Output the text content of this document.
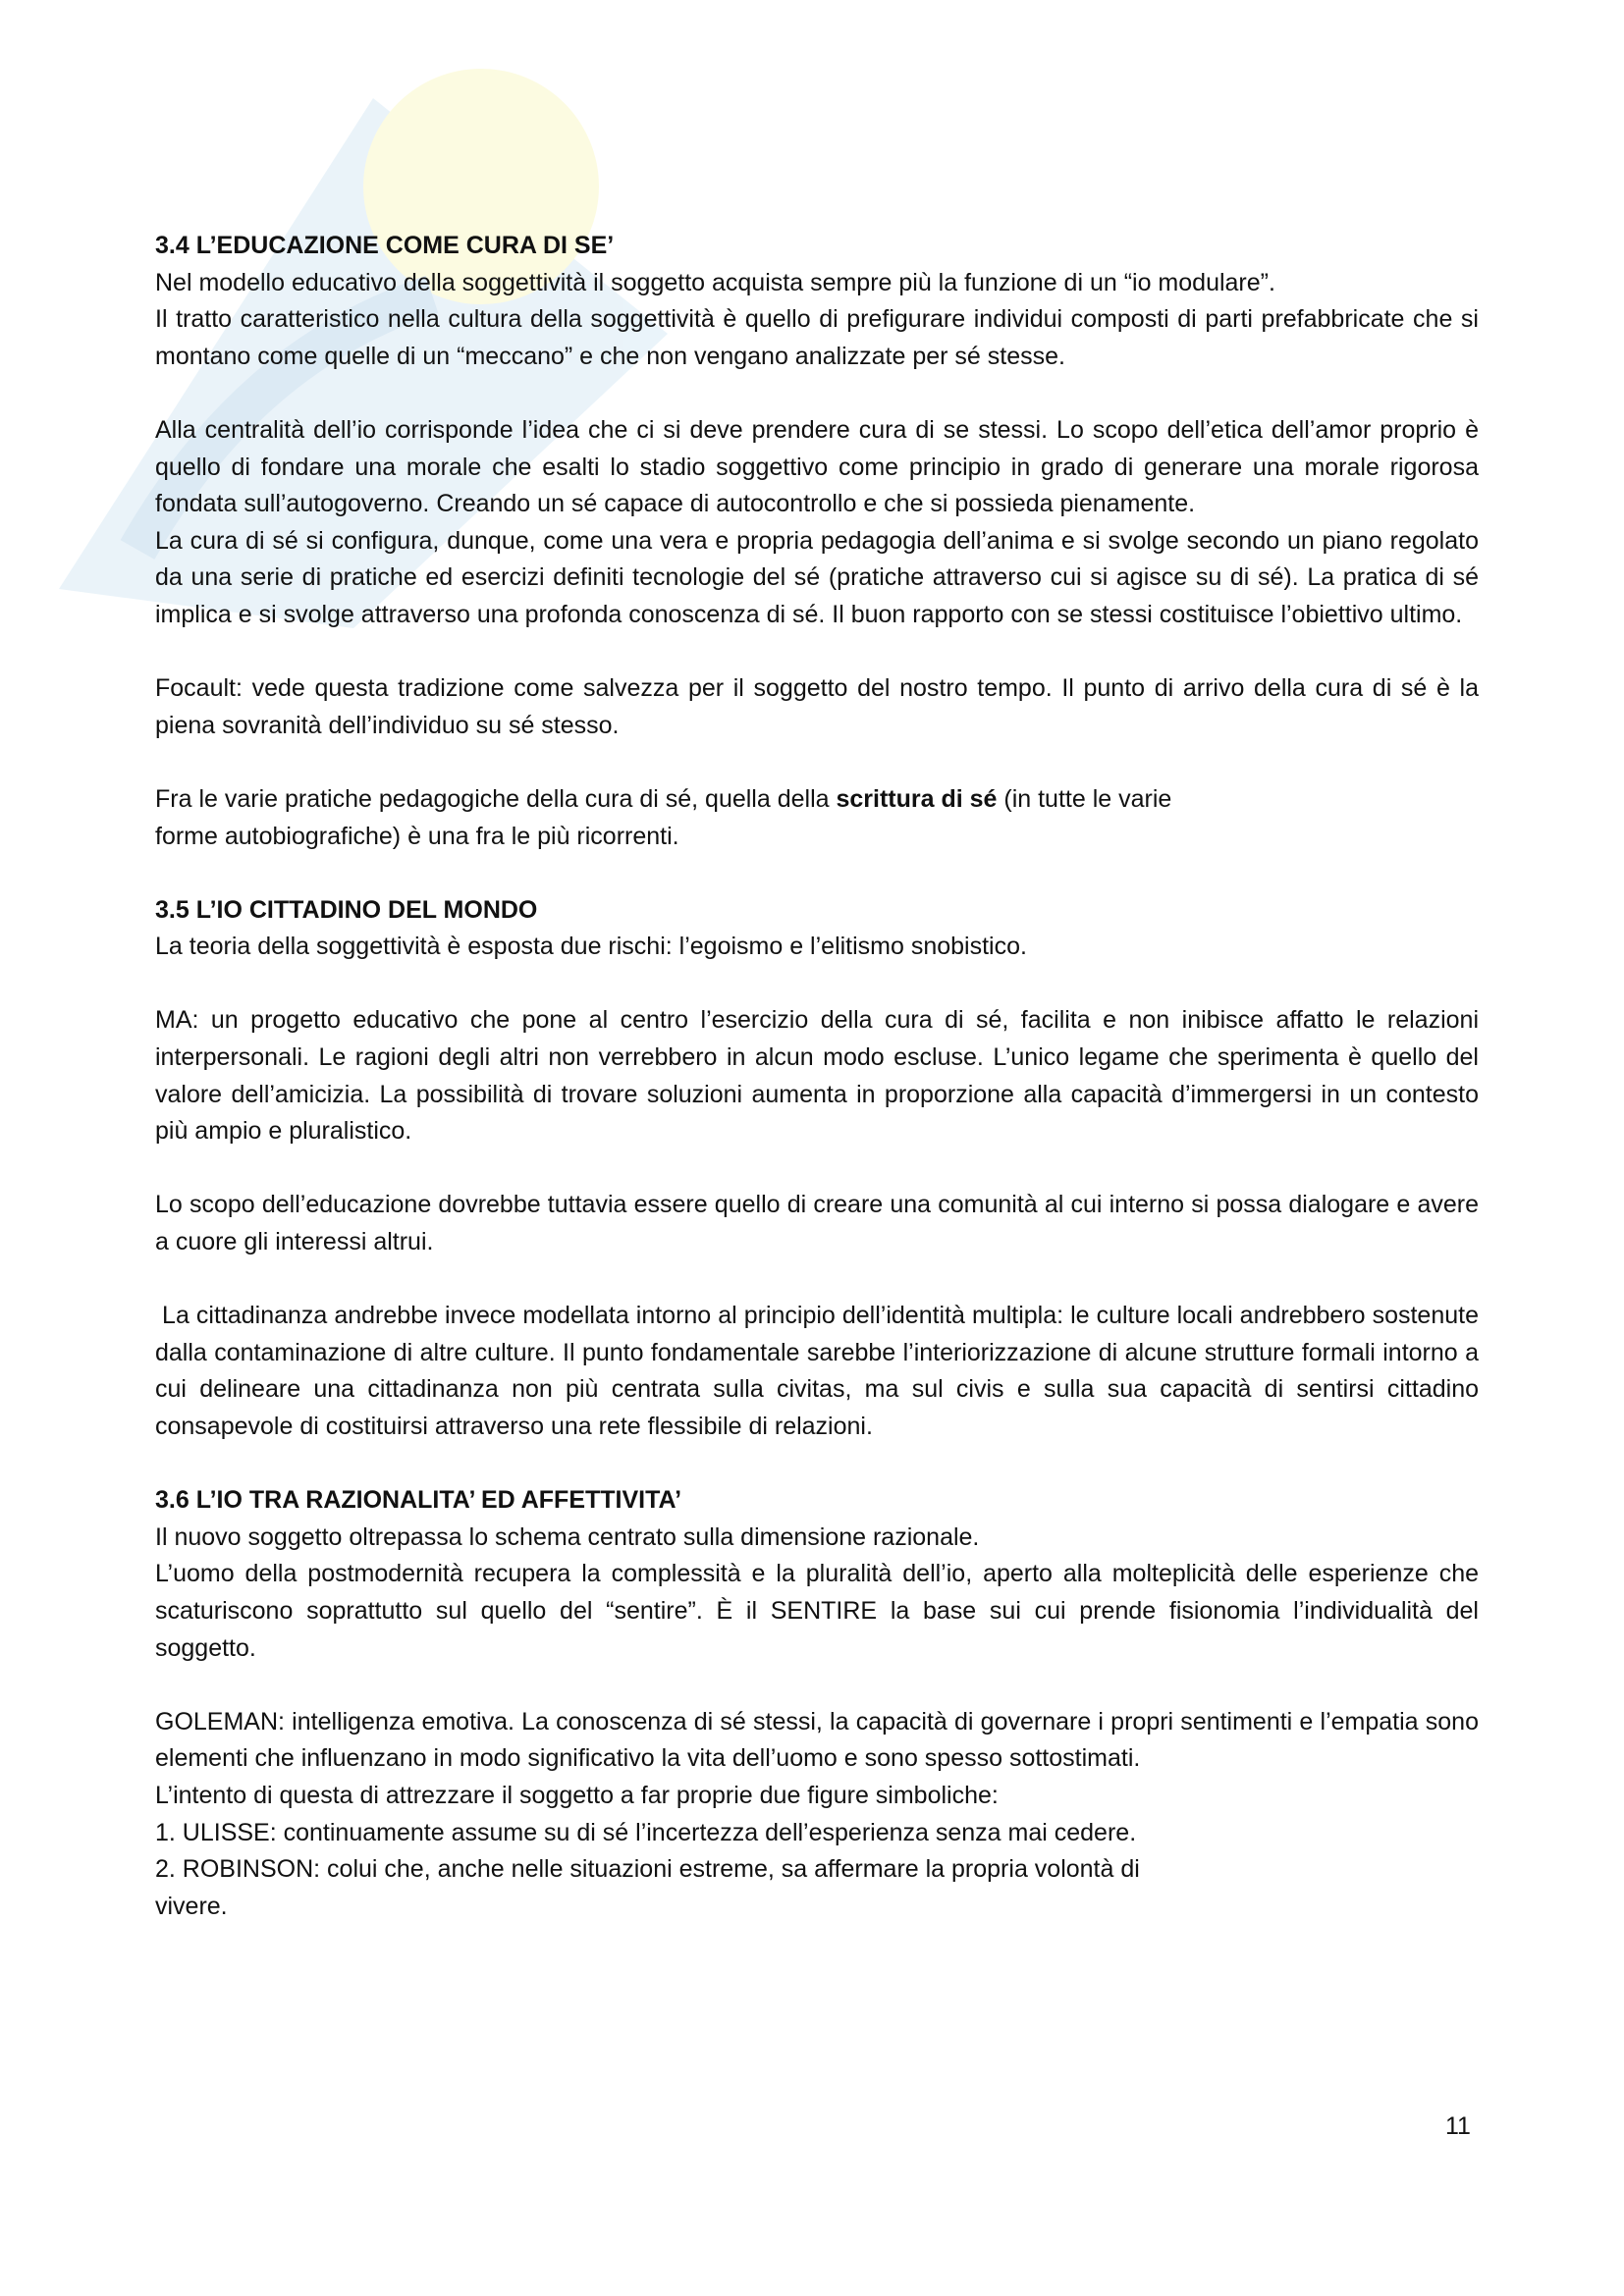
3.4 L’EDUCAZIONE COME CURA DI SE’

Nel modello educativo della soggettività il soggetto acquista sempre più la funzione di un “io modulare”.

Il tratto caratteristico nella cultura della soggettività è quello di prefigurare individui composti di parti prefabbricate che si montano come quelle di un “meccano” e che non vengano analizzate per sé stesse.

Alla centralità dell’io corrisponde l’idea che ci si deve prendere cura di se stessi. Lo scopo dell’etica dell’amor proprio è quello di fondare una morale che esalti lo stadio soggettivo come principio in grado di generare una morale rigorosa fondata sull’autogoverno. Creando un sé capace di autocontrollo e che si possieda pienamente.

La cura di sé si configura, dunque, come una vera e propria pedagogia dell’anima e si svolge secondo un piano regolato da una serie di pratiche ed esercizi definiti tecnologie del sé (pratiche attraverso cui si agisce su di sé). La pratica di sé implica e si svolge attraverso una profonda conoscenza di sé. Il buon rapporto con se stessi costituisce l’obiettivo ultimo.

Focault: vede questa tradizione come salvezza per il soggetto del nostro tempo. Il punto di arrivo della cura di sé è la piena sovranità dell’individuo su sé stesso.

Fra le varie pratiche pedagogiche della cura di sé, quella della scrittura di sé (in tutte le varie
forme autobiografiche) è una fra le più ricorrenti.

3.5 L’IO CITTADINO DEL MONDO

La teoria della soggettività è esposta due rischi: l’egoismo e l’elitismo snobistico.

MA: un progetto educativo che pone al centro l’esercizio della cura di sé, facilita e non inibisce affatto le relazioni interpersonali. Le ragioni degli altri non verrebbero in alcun modo escluse. L’unico legame che sperimenta è quello del valore dell’amicizia. La possibilità di trovare soluzioni aumenta in proporzione alla capacità d’immergersi in un contesto più ampio e pluralistico.

Lo scopo dell’educazione dovrebbe tuttavia essere quello di creare una comunità al cui interno si possa dialogare e avere a cuore gli interessi altrui.

La cittadinanza andrebbe invece modellata intorno al principio dell’identità multipla: le culture locali andrebbero sostenute dalla contaminazione di altre culture. Il punto fondamentale sarebbe l’interiorizzazione di alcune strutture formali intorno a cui delineare una cittadinanza non più centrata sulla civitas, ma sul civis e sulla sua capacità di sentirsi cittadino consapevole di costituirsi attraverso una rete flessibile di relazioni.

3.6 L’IO TRA RAZIONALITA’ ED AFFETTIVITA’

Il nuovo soggetto oltrepassa lo schema centrato sulla dimensione razionale.

L’uomo della postmodernità recupera la complessità e la pluralità dell’io, aperto alla molteplicità delle esperienze che scaturiscono soprattutto sul quello del “sentire”. È il SENTIRE la base sui cui prende fisionomia l’individualità del soggetto.

GOLEMAN: intelligenza emotiva. La conoscenza di sé stessi, la capacità di governare i propri sentimenti e l’empatia sono elementi che influenzano in modo significativo la vita dell’uomo e sono spesso sottostimati.

L’intento di questa di attrezzare il soggetto a far proprie due figure simboliche:

1. ULISSE: continuamente assume su di sé l’incertezza dell’esperienza senza mai cedere.

2. ROBINSON: colui che, anche nelle situazioni estreme, sa affermare la propria volontà di
vivere.

11
